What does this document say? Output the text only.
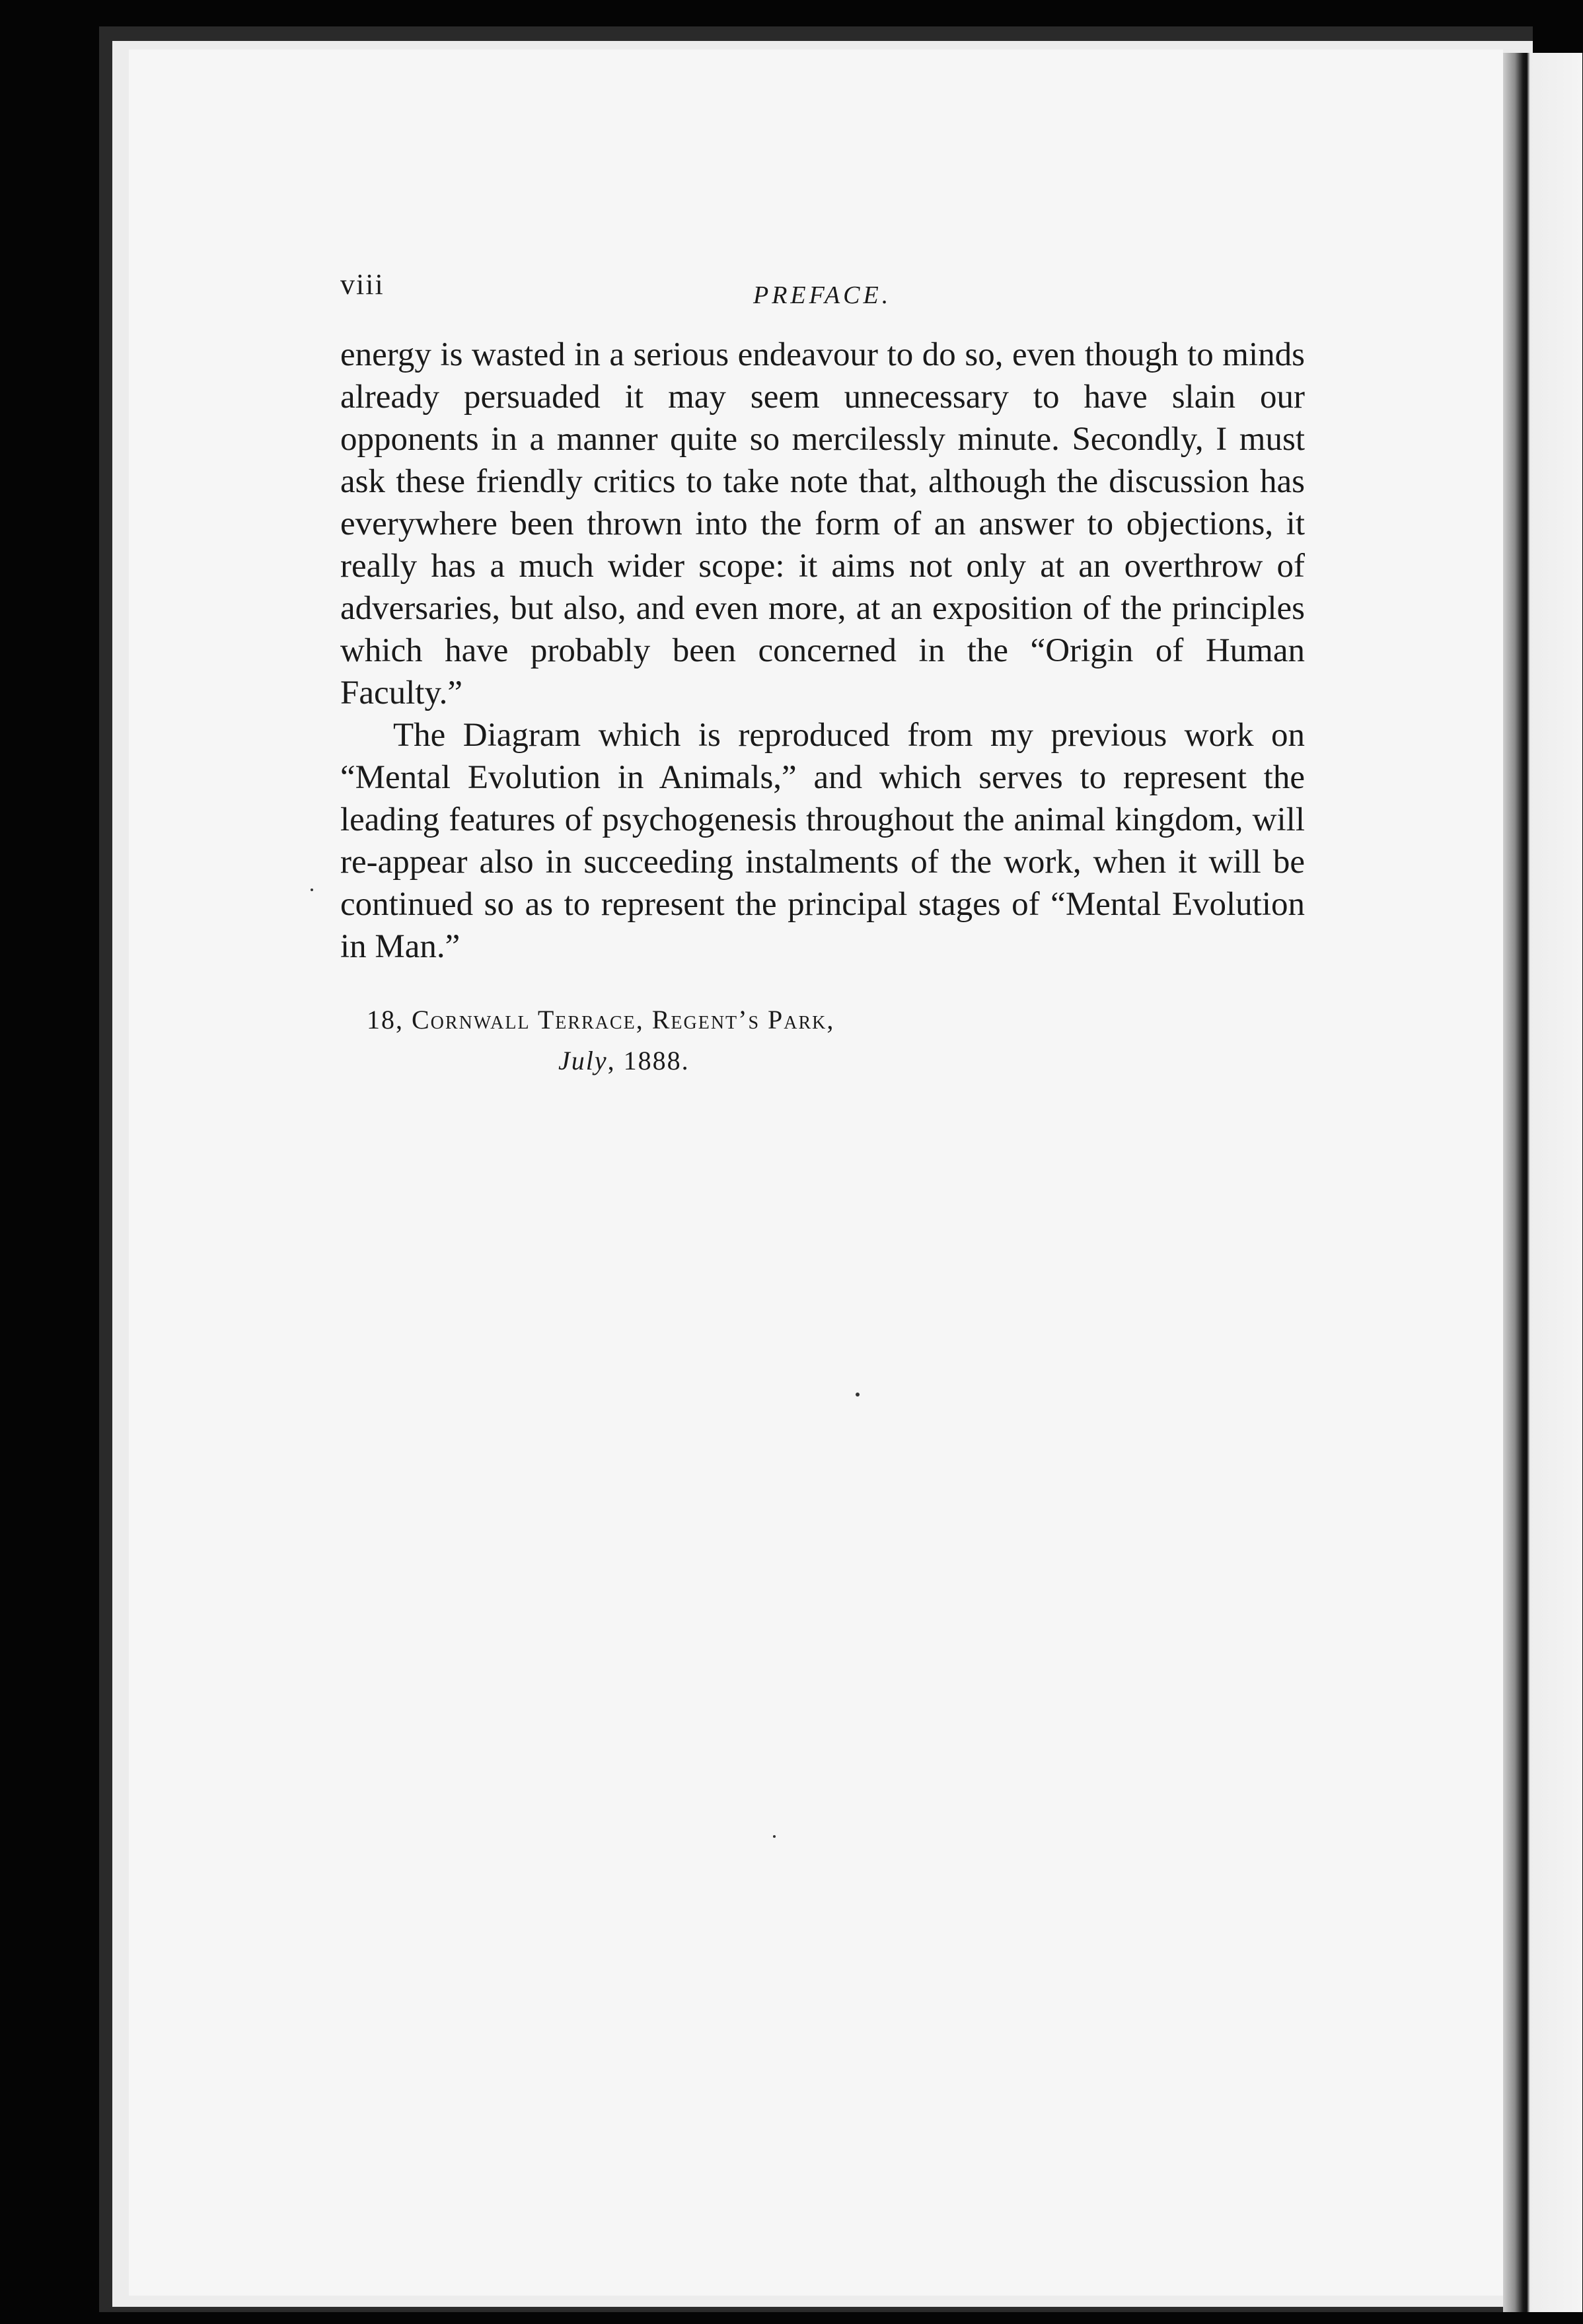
viii	PREFACE.

energy is wasted in a serious endeavour to do so, even though to minds already persuaded it may seem unnecessary to have slain our opponents in a manner quite so mercilessly minute. Secondly, I must ask these friendly critics to take note that, although the discussion has everywhere been thrown into the form of an answer to objections, it really has a much wider scope: it aims not only at an overthrow of adversaries, but also, and even more, at an exposition of the principles which have probably been concerned in the “Origin of Human Faculty.”

The Diagram which is reproduced from my previous work on “Mental Evolution in Animals,” and which serves to represent the leading features of psychogenesis throughout the animal kingdom, will re-appear also in succeeding instalments of the work, when it will be continued so as to represent the principal stages of “Mental Evolution in Man.”

18, Cornwall Terrace, Regent’s Park,
July, 1888.
